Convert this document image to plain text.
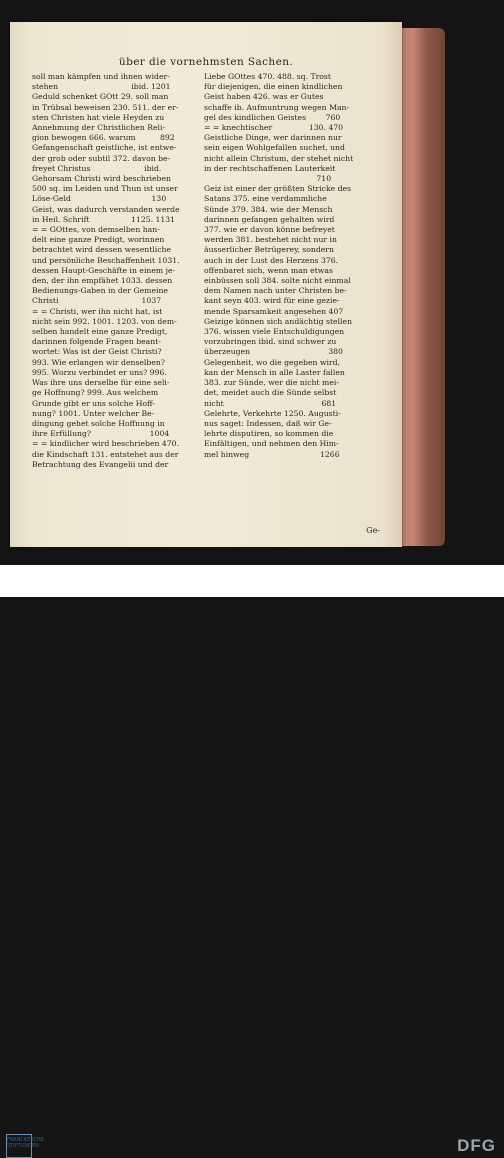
über die vornehmsten Sachen.
soll man kämpfen und ihnen wider-
stehen                              ibid. 1201
Geduld schenket GOtt 29. soll man
in Trübsal beweisen 230. 511. der er-
sten Christen hat viele Heyden zu
Annehmung der Christlichen Reli-
gion bewogen 666. warum          892
Gefangenschaft geistliche, ist entwe-
der grob oder subtil 372. davon be-
freyet Christus                      ibid.
Gehorsam Christi wird beschrieben
500 sq. im Leiden und Thun ist unser
Löse-Geld                                 130
Geist, was dadurch verstanden werde
in Heil. Schrift                 1125. 1131
= = GOttes, von demselben han-
delt eine ganze Predigt, worinnen
betrachtet wird dessen wesentliche
und persönliche Beschaffenheit 1031.
dessen Haupt-Geschäfte in einem je-
den, der ihn empfähet 1033. dessen
Bedienungs-Gaben in der Gemeine
Christi                                  1037
= = Christi, wer ihn nicht hat, ist
nicht sein 992. 1001. 1203. von dem-
selben handelt eine ganze Predigt,
darinnen folgende Fragen beant-
wortet: Was ist der Geist Christi?
993. Wie erlangen wir denselben?
995. Worzu verbindet er uns? 996.
Was ihre uns derselbe für eine seli-
ge Hoffnung? 999. Aus welchem
Grunde gibt er uns solche Hoff-
nung? 1001. Unter welcher Be-
dingung gehet solche Hoffnung in
ihre Erfüllung?                        1004
= = kindlicher wird beschrieben 470.
die Kindschaft 131. entstehet aus der
Betrachtung des Evangelii und der
Liebe GOttes 470. 488. sq. Trost
für diejenigen, die einen kindlichen
Geist haben 426. was er Gutes
schaffe ib. Aufmuntrung wegen Man-
gel des kindlichen Geistes        760
= = knechtischer               130. 470
Geistliche Dinge, wer darinnen nur
sein eigen Wohlgefallen suchet, und
nicht allein Christum, der stehet nicht
in der rechtschaffenen Lauterkeit
710
Geiz ist einer der größten Stricke des
Satans 375. eine verdammliche
Sünde 379. 384. wie der Mensch
darinnen gefangen gehalten wird
377. wie er davon könne befreyet
werden 381. bestehet nicht nur in
äusserlicher Betrügerey, sondern
auch in der Lust des Herzens 376.
offenbaret sich, wenn man etwas
einbüssen soll 384. solte nicht einmal
dem Namen nach unter Christen be-
kant seyn 403. wird für eine gezie-
mende Sparsamkeit angesehen 407
Geizige können sich andächtig stellen
376. wissen viele Entschuldigungen
vorzubringen ibid. sind schwer zu
überzeugen                                380
Gelegenheit, wo die gegeben wird,
kan der Mensch in alle Laster fallen
383. zur Sünde, wer die nicht mei-
det, meidet auch die Sünde selbst
nicht                                        681
Gelehrte, Verkehrte 1250. Augusti-
nus saget: Indessen, daß wir Ge-
lehrte disputiren, so kommen die
Einfältigen, und nehmen den Him-
mel hinweg                             1266
Ge-
FRANCKESCHE STIFTUNGEN	DFG
